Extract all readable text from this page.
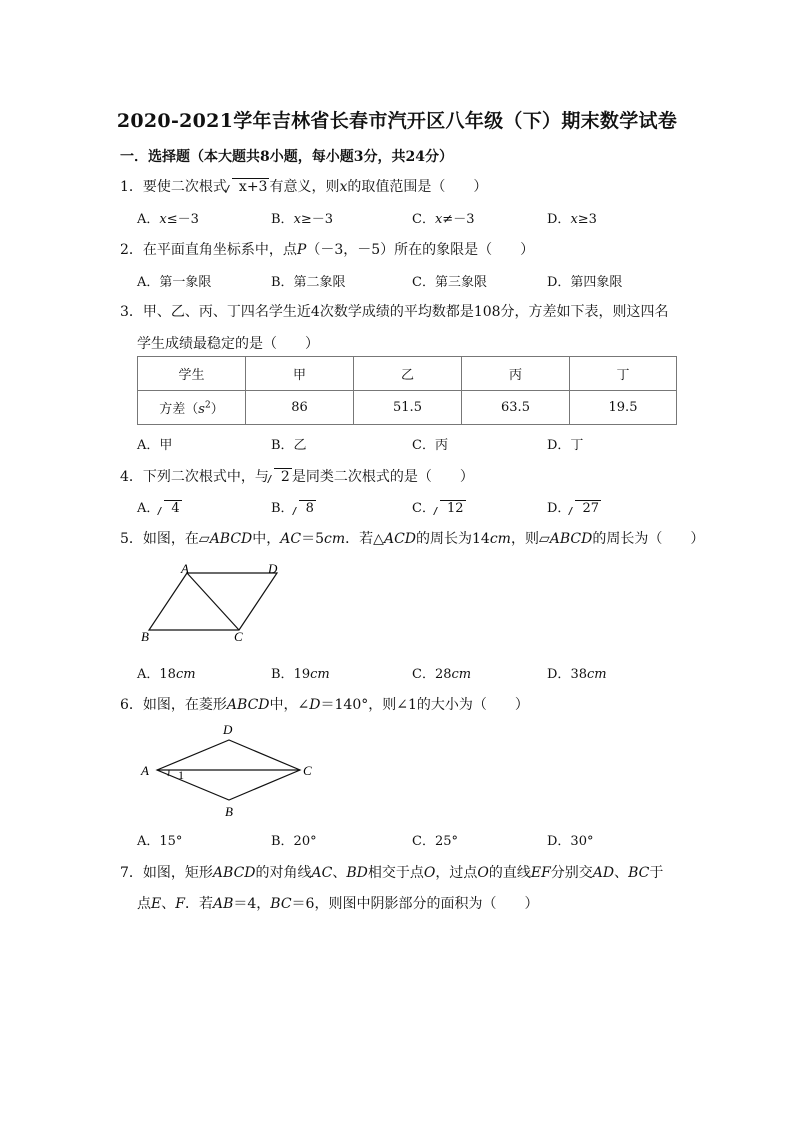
2020-2021学年吉林省长春市汽开区八年级（下）期末数学试卷
一．选择题（本大题共8小题，每小题3分，共24分）
1．要使二次根式 x+3 有意义，则x的取值范围是（　　）
A．x≤－3	B．x≥－3	C．x≠－3	D．x≥3
2．在平面直角坐标系中，点P（－3，－5）所在的象限是（　　）
A．第一象限	B．第二象限	C．第三象限	D．第四象限
3．甲、乙、丙、丁四名学生近4次数学成绩的平均数都是108分，方差如下表，则这四名
学生成绩最稳定的是（　　）
学生	甲	乙	丙	丁
方差$(s^2)$	86	51.5	63.5	19.5
A．甲	B．乙	C．丙	D．丁
4．下列二次根式中，与 2 是同类二次根式的是（　　）
A． 4	B． 8	C． 12	D． 27
5．如图，在▱ABCD中，AC＝5cm．若△ACD的周长为14cm，则▱ABCD的周长为（　　）
A	D
B	C
A．18cm	B．19cm	C．28cm	D．38cm
6．如图，在菱形ABCD中，∠D＝140°，则∠1的大小为（　　）
D
A	C
B
1
A．15°	B．20°	C．25°	D．30°
7．如图，矩形ABCD的对角线AC、BD相交于点O，过点O的直线EF分别交AD、BC于
点E、F．若AB＝4，BC＝6，则图中阴影部分的面积为（　　）
